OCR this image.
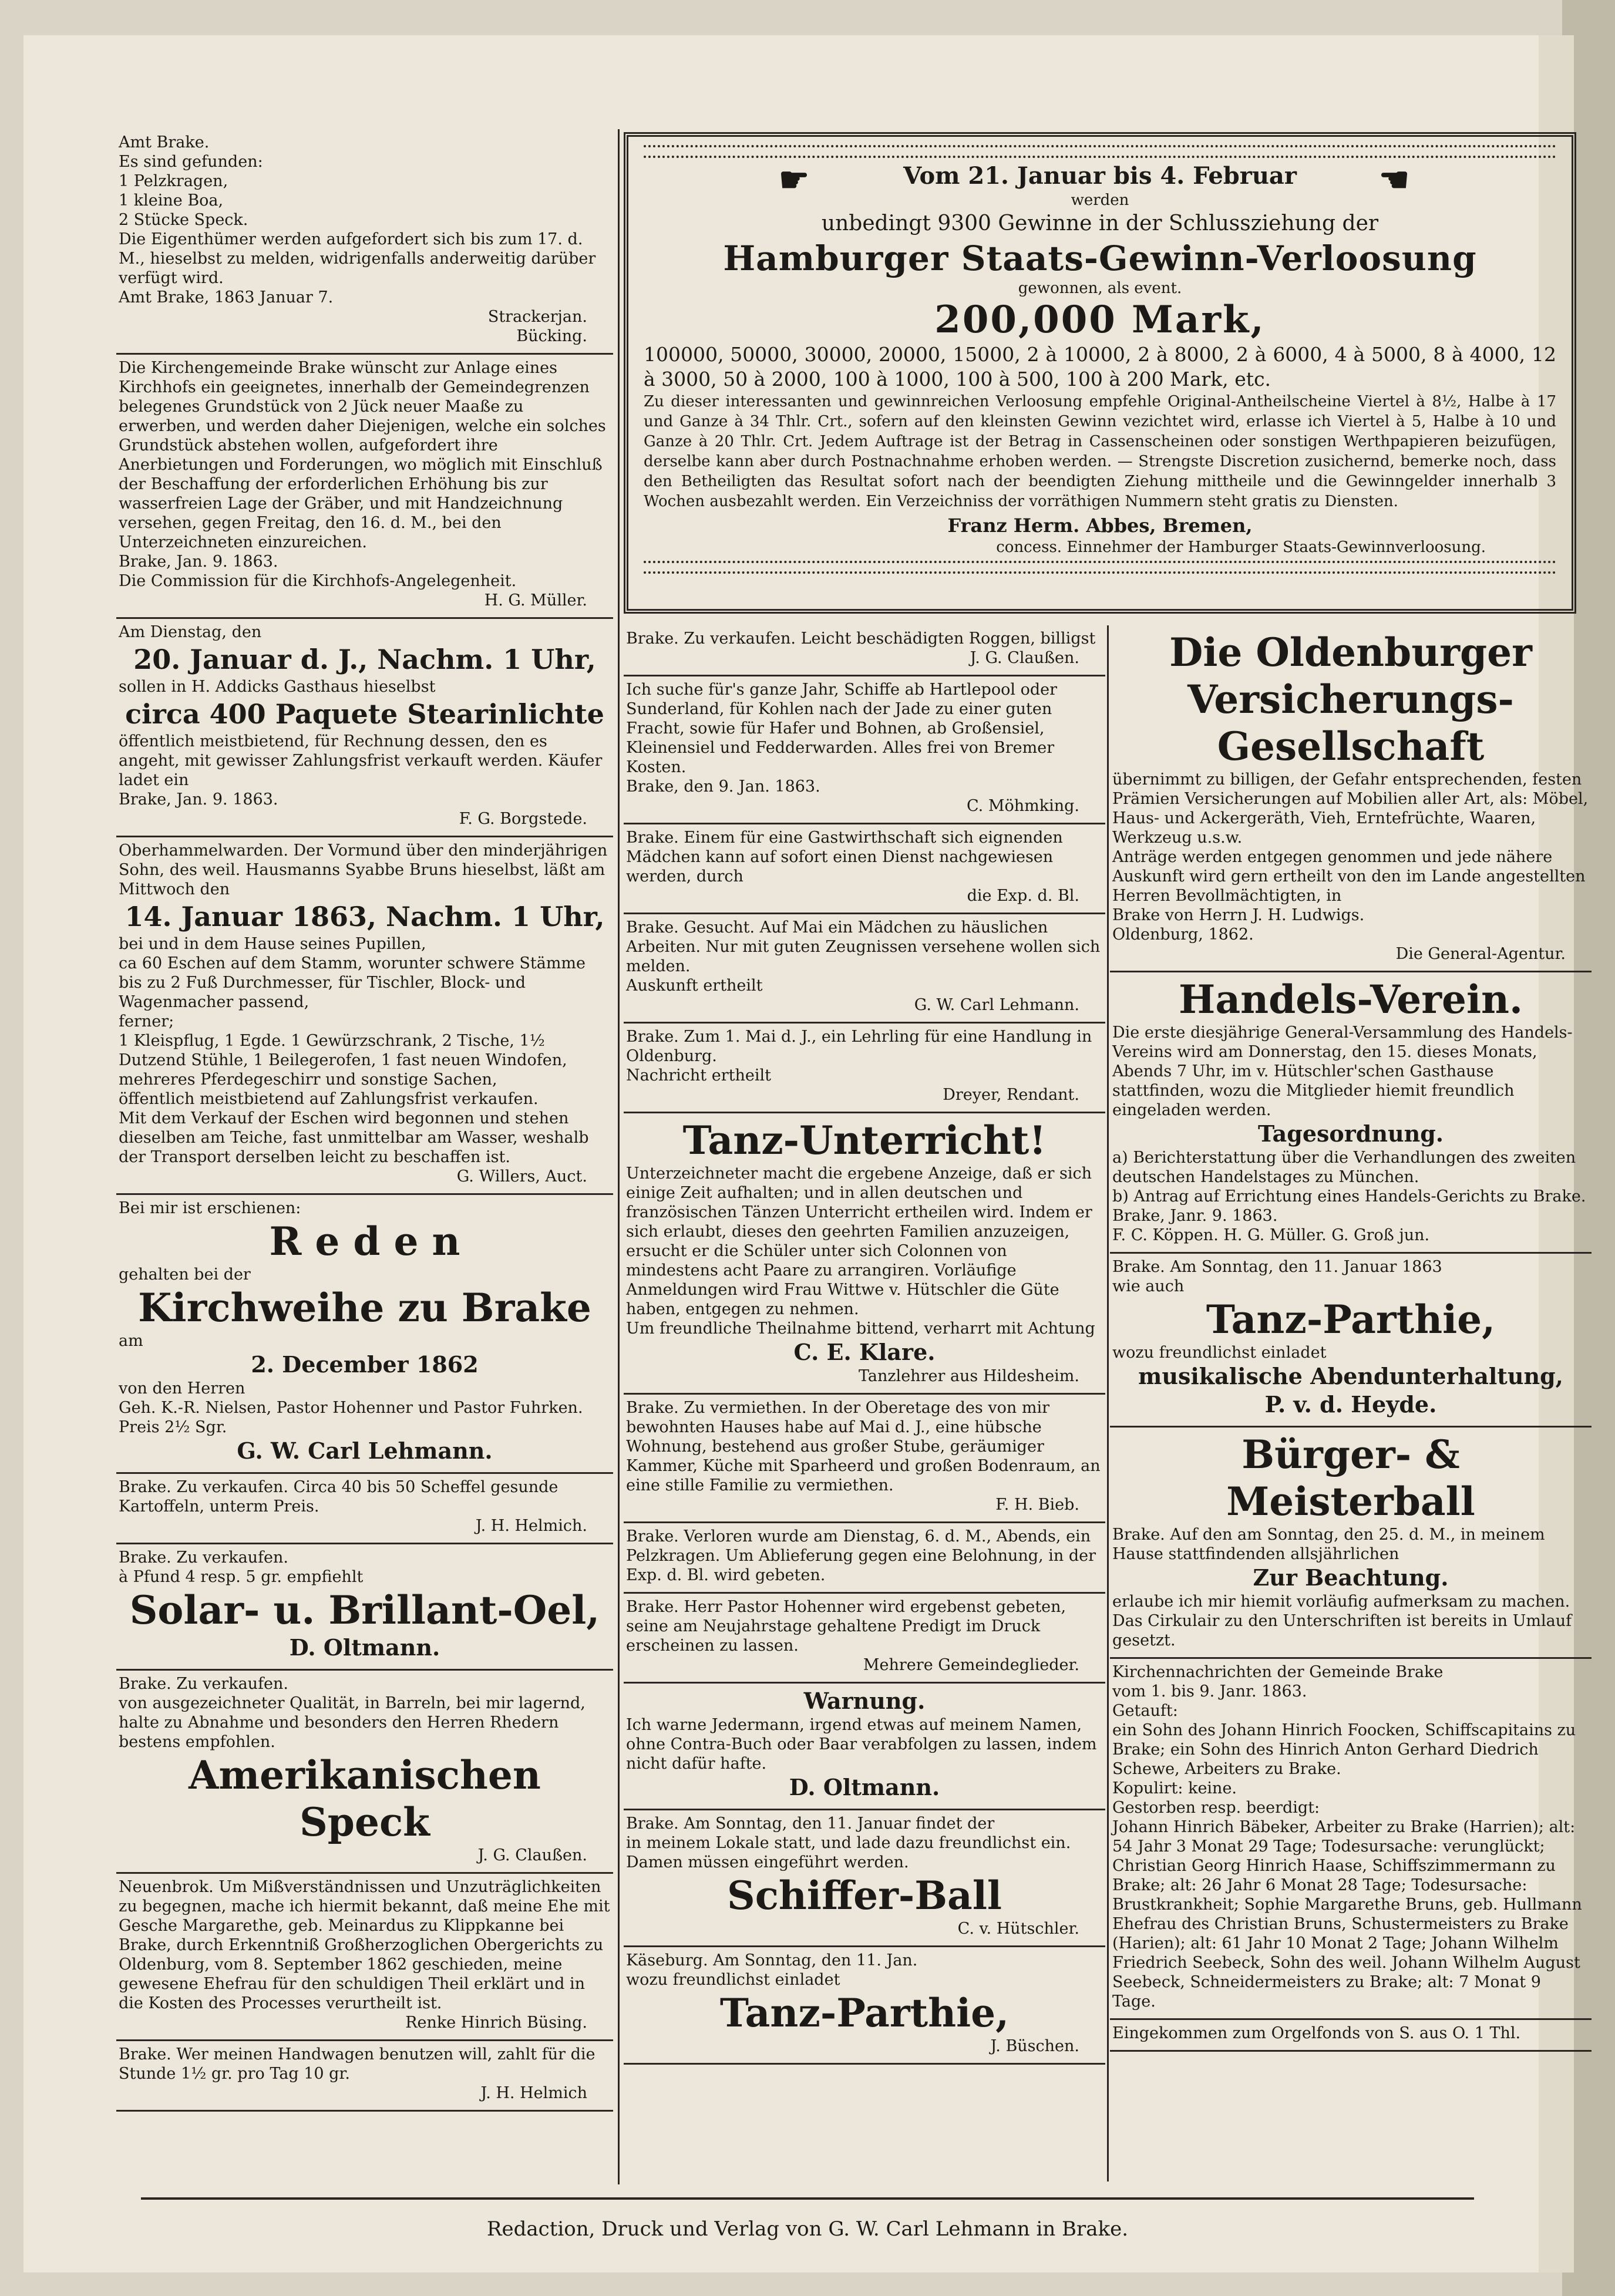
Amt Brake.

Es sind gefunden:

1 Pelzkragen,

1 kleine Boa,

2 Stücke Speck.

Die Eigenthümer werden aufgefordert sich bis zum 17. d. M., hieselbst zu melden, widrigenfalls anderweitig darüber verfügt wird.

Amt Brake, 1863 Januar 7.

Strackerjan.

Bücking.

Die Kirchengemeinde Brake wünscht zur Anlage eines Kirchhofs ein geeignetes, innerhalb der Gemeindegrenzen belegenes Grundstück von 2 Jück neuer Maaße zu erwerben, und werden daher Diejenigen, welche ein solches Grundstück abstehen wollen, aufgefordert ihre Anerbietungen und Forderungen, wo möglich mit Einschluß der Beschaffung der erforderlichen Erhöhung bis zur wasserfreien Lage der Gräber, und mit Handzeichnung versehen, gegen Freitag, den 16. d. M., bei den Unterzeichneten einzureichen.

Brake, Jan. 9. 1863.

Die Commission für die Kirchhofs-Angelegenheit.

H. G. Müller.

Am Dienstag, den

20. Januar d. J., Nachm. 1 Uhr,

sollen in H. Addicks Gasthaus hieselbst

circa 400 Paquete Stearinlichte

öffentlich meistbietend, für Rechnung dessen, den es angeht, mit gewisser Zahlungsfrist verkauft werden. Käufer ladet ein

Brake, Jan. 9. 1863.

F. G. Borgstede.

Oberhammelwarden. Der Vormund über den minderjährigen Sohn, des weil. Hausmanns Syabbe Bruns hieselbst, läßt am Mittwoch den

14. Januar 1863, Nachm. 1 Uhr,

bei und in dem Hause seines Pupillen,

ca 60 Eschen auf dem Stamm, worunter schwere Stämme bis zu 2 Fuß Durchmesser, für Tischler, Block- und Wagenmacher passend,

ferner;

1 Kleispflug, 1 Egde. 1 Gewürzschrank, 2 Tische, 1½ Dutzend Stühle, 1 Beilegerofen, 1 fast neuen Windofen, mehreres Pferdegeschirr und sonstige Sachen,

öffentlich meistbietend auf Zahlungsfrist verkaufen.

Mit dem Verkauf der Eschen wird begonnen und stehen dieselben am Teiche, fast unmittelbar am Wasser, weshalb der Transport derselben leicht zu beschaffen ist.

G. Willers, Auct.

Bei mir ist erschienen:

R e d e n

gehalten bei der

Kirchweihe zu Brake

am

2. December 1862

von den Herren

Geh. K.-R. Nielsen, Pastor Hohenner und Pastor Fuhrken.

Preis 2½ Sgr.

G. W. Carl Lehmann.

Brake. Zu verkaufen. Circa 40 bis 50 Scheffel gesunde Kartoffeln, unterm Preis.

J. H. Helmich.

Brake. Zu verkaufen.

à Pfund 4 resp. 5 gr. empfiehlt

Solar- u. Brillant-Oel,
D. Oltmann.

Brake. Zu verkaufen.

von ausgezeichneter Qualität, in Barreln, bei mir lagernd, halte zu Abnahme und besonders den Herren Rhedern bestens empfohlen.

Amerikanischen Speck

J. G. Claußen.

Neuenbrok. Um Mißverständnissen und Unzuträglichkeiten zu begegnen, mache ich hiermit bekannt, daß meine Ehe mit Gesche Margarethe, geb. Meinardus zu Klippkanne bei Brake, durch Erkenntniß Großherzoglichen Obergerichts zu Oldenburg, vom 8. September 1862 geschieden, meine gewesene Ehefrau für den schuldigen Theil erklärt und in die Kosten des Processes verurtheilt ist.

Renke Hinrich Büsing.

Brake. Wer meinen Handwagen benutzen will, zahlt für die Stunde 1½ gr. pro Tag 10 gr.

J. H. Helmich

☛	Vom 21. Januar bis 4. Februar ☚
werden
unbedingt 9300 Gewinne in der Schlussziehung der
Hamburger Staats-Gewinn-Verloosung
gewonnen, als event.
200,000 Mark,
100000, 50000, 30000, 20000, 15000, 2 à 10000, 2 à 8000, 2 à 6000, 4 à 5000, 8 à 4000, 12 à 3000, 50 à 2000, 100 à 1000, 100 à 500, 100 à 200 Mark, etc.
Zu dieser interessanten und gewinnreichen Verloosung empfehle Original-Antheilscheine Viertel à 8½, Halbe à 17 und Ganze à 34 Thlr. Crt., sofern auf den kleinsten Gewinn vezichtet wird, erlasse ich Viertel à 5, Halbe à 10 und Ganze à 20 Thlr. Crt. Jedem Auftrage ist der Betrag in Cassenscheinen oder sonstigen Werthpapieren beizufügen, derselbe kann aber durch Postnachnahme erhoben werden. — Strengste Discretion zusichernd, bemerke noch, dass den Betheiligten das Resultat sofort nach der beendigten Ziehung mittheile und die Gewinngelder innerhalb 3 Wochen ausbezahlt werden. Ein Verzeichniss der vorräthigen Nummern steht gratis zu Diensten.
Franz Herm. Abbes, Bremen,
concess. Einnehmer der Hamburger Staats-Gewinnverloosung.

Brake. Zu verkaufen. Leicht beschädigten Roggen, billigst

J. G. Claußen.

Ich suche für's ganze Jahr, Schiffe ab Hartlepool oder Sunderland, für Kohlen nach der Jade zu einer guten Fracht, sowie für Hafer und Bohnen, ab Großensiel, Kleinensiel und Fedderwarden. Alles frei von Bremer Kosten.

Brake, den 9. Jan. 1863.

C. Möhmking.

Brake. Einem für eine Gastwirthschaft sich eignenden Mädchen kann auf sofort einen Dienst nachgewiesen werden, durch

die Exp. d. Bl.

Brake. Gesucht. Auf Mai ein Mädchen zu häuslichen Arbeiten. Nur mit guten Zeugnissen versehene wollen sich melden.

Auskunft ertheilt

G. W. Carl Lehmann.

Brake. Zum 1. Mai d. J., ein Lehrling für eine Handlung in Oldenburg.

Nachricht ertheilt

Dreyer, Rendant.

Tanz-Unterricht!

Unterzeichneter macht die ergebene Anzeige, daß er sich einige Zeit aufhalten; und in allen deutschen und französischen Tänzen Unterricht ertheilen wird. Indem er sich erlaubt, dieses den geehrten Familien anzuzeigen, ersucht er die Schüler unter sich Colonnen von mindestens acht Paare zu arrangiren. Vorläufige Anmeldungen wird Frau Wittwe v. Hütschler die Güte haben, entgegen zu nehmen.

Um freundliche Theilnahme bittend, verharrt mit Achtung

C. E. Klare.

Tanzlehrer aus Hildesheim.

Brake. Zu vermiethen. In der Oberetage des von mir bewohnten Hauses habe auf Mai d. J., eine hübsche Wohnung, bestehend aus großer Stube, geräumiger Kammer, Küche mit Sparheerd und großen Bodenraum, an eine stille Familie zu vermiethen.

F. H. Bieb.

Brake. Verloren wurde am Dienstag, 6. d. M., Abends, ein Pelzkragen. Um Ablieferung gegen eine Belohnung, in der Exp. d. Bl. wird gebeten.

Brake. Herr Pastor Hohenner wird ergebenst gebeten, seine am Neujahrstage gehaltene Predigt im Druck erscheinen zu lassen.

Mehrere Gemeindeglieder.

Warnung.

Ich warne Jedermann, irgend etwas auf meinem Namen, ohne Contra-Buch oder Baar verabfolgen zu lassen, indem nicht dafür hafte.

D. Oltmann.

Brake. Am Sonntag, den 11. Januar findet der

in meinem Lokale statt, und lade dazu freundlichst ein.

Damen müssen eingeführt werden.

Schiffer-Ball

C. v. Hütschler.

Käseburg. Am Sonntag, den 11. Jan.

wozu freundlichst einladet

Tanz-Parthie,

J. Büschen.

Die Oldenburger Versicherungs-Gesellschaft

übernimmt zu billigen, der Gefahr entsprechenden, festen Prämien Versicherungen auf Mobilien aller Art, als: Möbel, Haus- und Ackergeräth, Vieh, Erntefrüchte, Waaren, Werkzeug u.s.w.

Anträge werden entgegen genommen und jede nähere Auskunft wird gern ertheilt von den im Lande angestellten Herren Bevollmächtigten, in

Brake von Herrn J. H. Ludwigs.

Oldenburg, 1862.

Die General-Agentur.

Handels-Verein.

Die erste diesjährige General-Versammlung des Handels-Vereins wird am Donnerstag, den 15. dieses Monats, Abends 7 Uhr, im v. Hütschler'schen Gasthause stattfinden, wozu die Mitglieder hiemit freundlich eingeladen werden.

Tagesordnung.

a) Berichterstattung über die Verhandlungen des zweiten deutschen Handelstages zu München.

b) Antrag auf Errichtung eines Handels-Gerichts zu Brake.

Brake, Janr. 9. 1863.

F. C. Köppen. H. G. Müller. G. Groß jun.

Brake. Am Sonntag, den 11. Januar 1863

wie auch

Tanz-Parthie,

wozu freundlichst einladet

musikalische Abendunterhaltung,
P. v. d. Heyde.
Bürger- & Meisterball

Brake. Auf den am Sonntag, den 25. d. M., in meinem Hause stattfindenden allsjährlichen

Zur Beachtung.

erlaube ich mir hiemit vorläufig aufmerksam zu machen. Das Cirkulair zu den Unterschriften ist bereits in Umlauf gesetzt.

Kirchennachrichten der Gemeinde Brake

vom 1. bis 9. Janr. 1863.

Getauft:

ein Sohn des Johann Hinrich Foocken, Schiffscapitains zu Brake; ein Sohn des Hinrich Anton Gerhard Diedrich Schewe, Arbeiters zu Brake.

Kopulirt: keine.

Gestorben resp. beerdigt:

Johann Hinrich Bäbeker, Arbeiter zu Brake (Harrien); alt: 54 Jahr 3 Monat 29 Tage; Todesursache: verunglückt; Christian Georg Hinrich Haase, Schiffszimmermann zu Brake; alt: 26 Jahr 6 Monat 28 Tage; Todesursache: Brustkrankheit; Sophie Margarethe Bruns, geb. Hullmann Ehefrau des Christian Bruns, Schustermeisters zu Brake (Harien); alt: 61 Jahr 10 Monat 2 Tage; Johann Wilhelm Friedrich Seebeck, Sohn des weil. Johann Wilhelm August Seebeck, Schneidermeisters zu Brake; alt: 7 Monat 9 Tage.

Eingekommen zum Orgelfonds von S. aus O. 1 Thl.

Redaction, Druck und Verlag von G. W. Carl Lehmann in Brake.
